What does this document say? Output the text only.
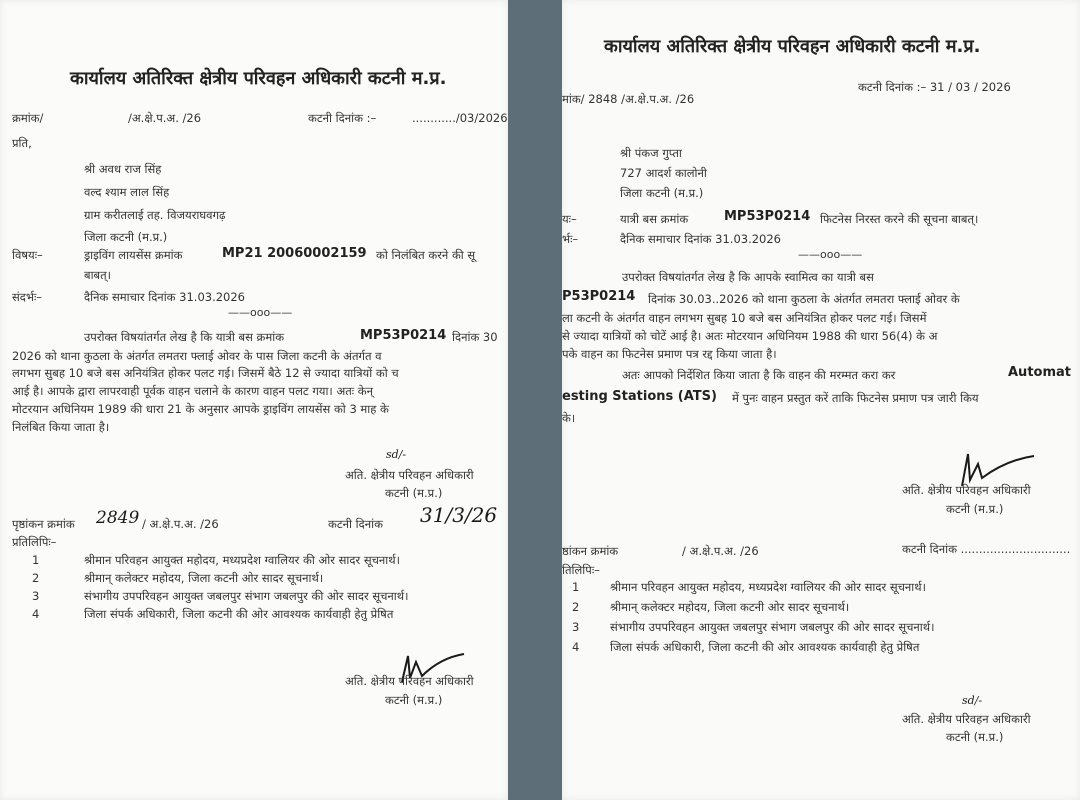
कार्यालय अतिरिक्त क्षेत्रीय परिवहन अधिकारी कटनी म.प्र.
क्रमांक/	/अ.क्षे.प.अ. /26	कटनी दिनांक :–	............/03/2026
प्रति,
श्री अवध राज सिंह
वल्द श्याम लाल सिंह
ग्राम करीतलाई तह. विजयराघवगढ़
जिला कटनी (म.प्र.)
विषयः–	ड्राइविंग लायसेंस क्रमांक	MP21 20060002159 को निलंबित करने की सू
बाबत्।
संदर्भः–	दैनिक समाचार दिनांक 31.03.2026
——ooo——
उपरोक्त विषयांतर्गत लेख है कि यात्री बस क्रमांक	MP53P0214 दिनांक 30
2026 को थाना कुठला के अंतर्गत लमतरा फ्लाई ओवर के पास जिला कटनी के अंतर्गत व
लगभग सुबह 10 बजे बस अनियंत्रित होकर पलट गई। जिसमें बैठे 12 से ज्यादा यात्रियों को च
आई है। आपके द्वारा लापरवाही पूर्वक वाहन चलाने के कारण वाहन पलट गया। अतः केन्
मोटरयान अधिनियम 1989 की धारा 21 के अनुसार आपके ड्राइविंग लायसेंस को 3 माह के
निलंबित किया जाता है।
sd/-
अति. क्षेत्रीय परिवहन अधिकारी
कटनी (म.प्र.)
पृष्ठांकन क्रमांक 2849 / अ.क्षे.प.अ. /26	कटनी दिनांक 31/3/26
प्रतिलिपिः–
1	श्रीमान परिवहन आयुक्त महोदय, मध्यप्रदेश ग्वालियर की ओर सादर सूचनार्थ।
2	श्रीमान् कलेक्टर महोदय, जिला कटनी ओर सादर सूचनार्थ।
3	संभागीय उपपरिवहन आयुक्त जबलपुर संभाग जबलपुर की ओर सादर सूचनार्थ।
4	जिला संपर्क अधिकारी, जिला कटनी की ओर आवश्यक कार्यवाही हेतु प्रेषित
अति. क्षेत्रीय परिवहन अधिकारी
कटनी (म.प्र.)
कार्यालय अतिरिक्त क्षेत्रीय परिवहन अधिकारी कटनी म.प्र.
कटनी दिनांक :– 31 / 03 / 2026
मांक/ 2848 /अ.क्षे.प.अ. /26
श्री पंकज गुप्ता
727 आदर्श कालोनी
जिला कटनी (म.प्र.)
यः–	यात्री बस क्रमांक	MP53P0214 फिटनेस निरस्त करने की सूचना बाबत्।
र्भः–	दैनिक समाचार दिनांक 31.03.2026
——ooo——
उपरोक्त विषयांतर्गत लेख है कि आपके स्वामित्व का यात्री बस
P53P0214 दिनांक 30.03..2026 को थाना कुठला के अंतर्गत लमतरा फ्लाई ओवर के
ला कटनी के अंतर्गत वाहन लगभग सुबह 10 बजे बस अनियंत्रित होकर पलट गई। जिसमें
से ज्यादा यात्रियों को चोटें आई है। अतः मोटरयान अधिनियम 1988 की धारा 56(4) के अ
पके वाहन का फिटनेस प्रमाण पत्र रद्द किया जाता है।
अतः आपको निर्देशित किया जाता है कि वाहन की मरम्मत करा कर	Automat
esting Stations (ATS) में पुनः वाहन प्रस्तुत करें ताकि फिटनेस प्रमाण पत्र जारी किय
के।
अति. क्षेत्रीय परिवहन अधिकारी
कटनी (म.प्र.)
ष्ठांकन क्रमांक	/ अ.क्षे.प.अ. /26	कटनी दिनांक ..............................
तिलिपिः–
1	श्रीमान परिवहन आयुक्त महोदय, मध्यप्रदेश ग्वालियर की ओर सादर सूचनार्थ।
2	श्रीमान् कलेक्टर महोदय, जिला कटनी ओर सादर सूचनार्थ।
3	संभागीय उपपरिवहन आयुक्त जबलपुर संभाग जबलपुर की ओर सादर सूचनार्थ।
4	जिला संपर्क अधिकारी, जिला कटनी की ओर आवश्यक कार्यवाही हेतु प्रेषित
sd/-
अति. क्षेत्रीय परिवहन अधिकारी
कटनी (म.प्र.)
